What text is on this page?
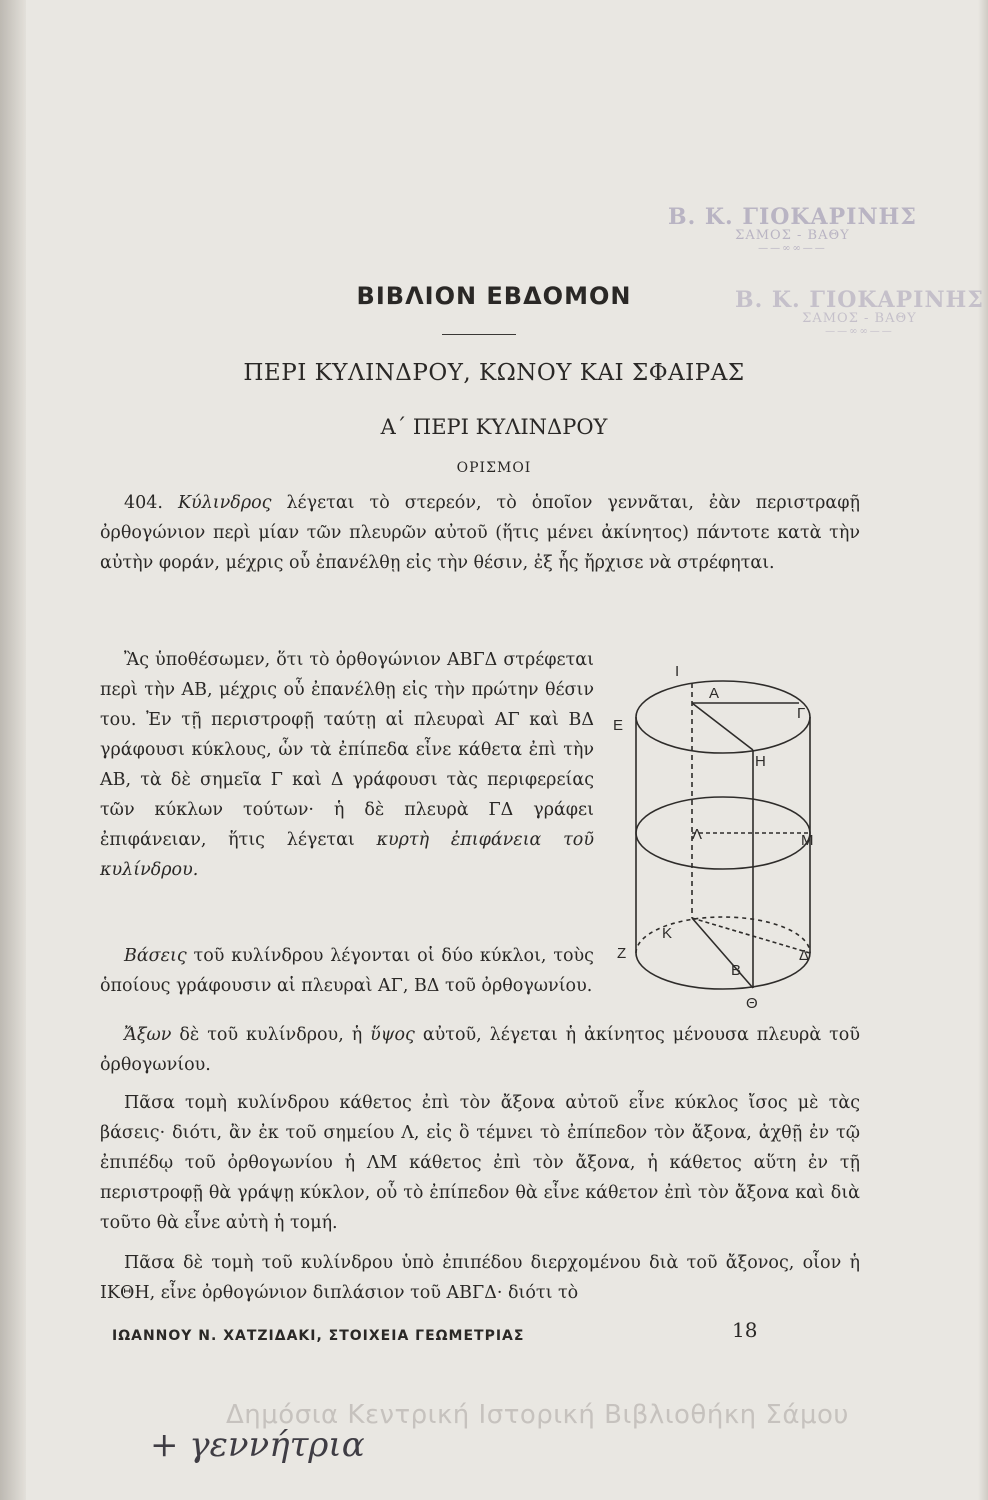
Β. Κ. ΓΙΟΚΑΡΙΝΗΣ
ΣΑΜΟΣ - ΒΑΘΥ
——∞∞——
Β. Κ. ΓΙΟΚΑΡΙΝΗΣ
ΣΑΜΟΣ - ΒΑΘΥ
——∞∞——
ΒΙΒΛΙΟΝ ΕΒΔΟΜΟΝ
ΠΕΡΙ ΚΥΛΙΝΔΡΟΥ, ΚΩΝΟΥ ΚΑΙ ΣΦΑΙΡΑΣ
Α΄ ΠΕΡΙ ΚΥΛΙΝΔΡΟΥ
ΟΡΙΣΜΟΙ

404. Κύλινδρος λέγεται τὸ στερεόν, τὸ ὁποῖον γεννᾶται, ἐὰν περιστραφῇ ὀρθογώνιον περὶ μίαν τῶν πλευρῶν αὐτοῦ (ἥτις μένει ἀκίνητος) πάντοτε κατὰ τὴν αὐτὴν φοράν, μέχρις οὗ ἐπανέλθῃ εἰς τὴν θέσιν, ἐξ ἧς ἤρχισε νὰ στρέφηται.

Ἂς ὑποθέσωμεν, ὅτι τὸ ὀρθογώνιον ΑΒΓΔ στρέφεται περὶ τὴν ΑΒ, μέχρις οὗ ἐπανέλθῃ εἰς τὴν πρώτην θέσιν του. Ἐν τῇ περιστροφῇ ταύτῃ αἱ πλευραὶ ΑΓ καὶ ΒΔ γράφουσι κύκλους, ὧν τὰ ἐπίπεδα εἶνε κάθετα ἐπὶ τὴν ΑΒ, τὰ δὲ σημεῖα Γ καὶ Δ γράφουσι τὰς περιφερείας τῶν κύκλων τούτων· ἡ δὲ πλευρὰ ΓΔ γράφει ἐπιφάνειαν, ἥτις λέγεται κυρτὴ ἐπιφάνεια τοῦ κυλίνδρου.

Βάσεις τοῦ κυλίνδρου λέγονται οἱ δύο κύκλοι, τοὺς ὁποίους γράφουσιν αἱ πλευραὶ ΑΓ, ΒΔ τοῦ ὀρθογωνίου.

Ἄξων δὲ τοῦ κυλίνδρου, ἡ ὕψος αὐτοῦ, λέγεται ἡ ἀκίνητος μένουσα πλευρὰ τοῦ ὀρθογωνίου.

Πᾶσα τομὴ κυλίνδρου κάθετος ἐπὶ τὸν ἄξονα αὐτοῦ εἶνε κύκλος ἴσος μὲ τὰς βάσεις· διότι, ἂν ἐκ τοῦ σημείου Λ, εἰς ὃ τέμνει τὸ ἐπίπεδον τὸν ἄξονα, ἀχθῇ ἐν τῷ ἐπιπέδῳ τοῦ ὀρθογωνίου ἡ ΛΜ κάθετος ἐπὶ τὸν ἄξονα, ἡ κάθετος αὕτη ἐν τῇ περιστροφῇ θὰ γράψῃ κύκλον, οὗ τὸ ἐπίπεδον θὰ εἶνε κάθετον ἐπὶ τὸν ἄξονα καὶ διὰ τοῦτο θὰ εἶνε αὐτὴ ἡ τομή.

Πᾶσα δὲ τομὴ τοῦ κυλίνδρου ὑπὸ ἐπιπέδου διερχομένου διὰ τοῦ ἄξονος, οἷον ἡ ΙΚΘΗ, εἶνε ὀρθογώνιον διπλάσιον τοῦ ΑΒΓΔ· διότι τὸ

I
E
A
Γ
H
Λ	M
K
Z
B
Δ
Θ
ΙΩΑΝΝΟΥ Ν. ΧΑΤΖΙΔΑΚΙ, ΣΤΟΙΧΕΙΑ ΓΕΩΜΕΤΡΙΑΣ	18
Δημόσια Κεντρική Ιστορική Βιβλιοθήκη Σάμου
+ γεννήτρια
